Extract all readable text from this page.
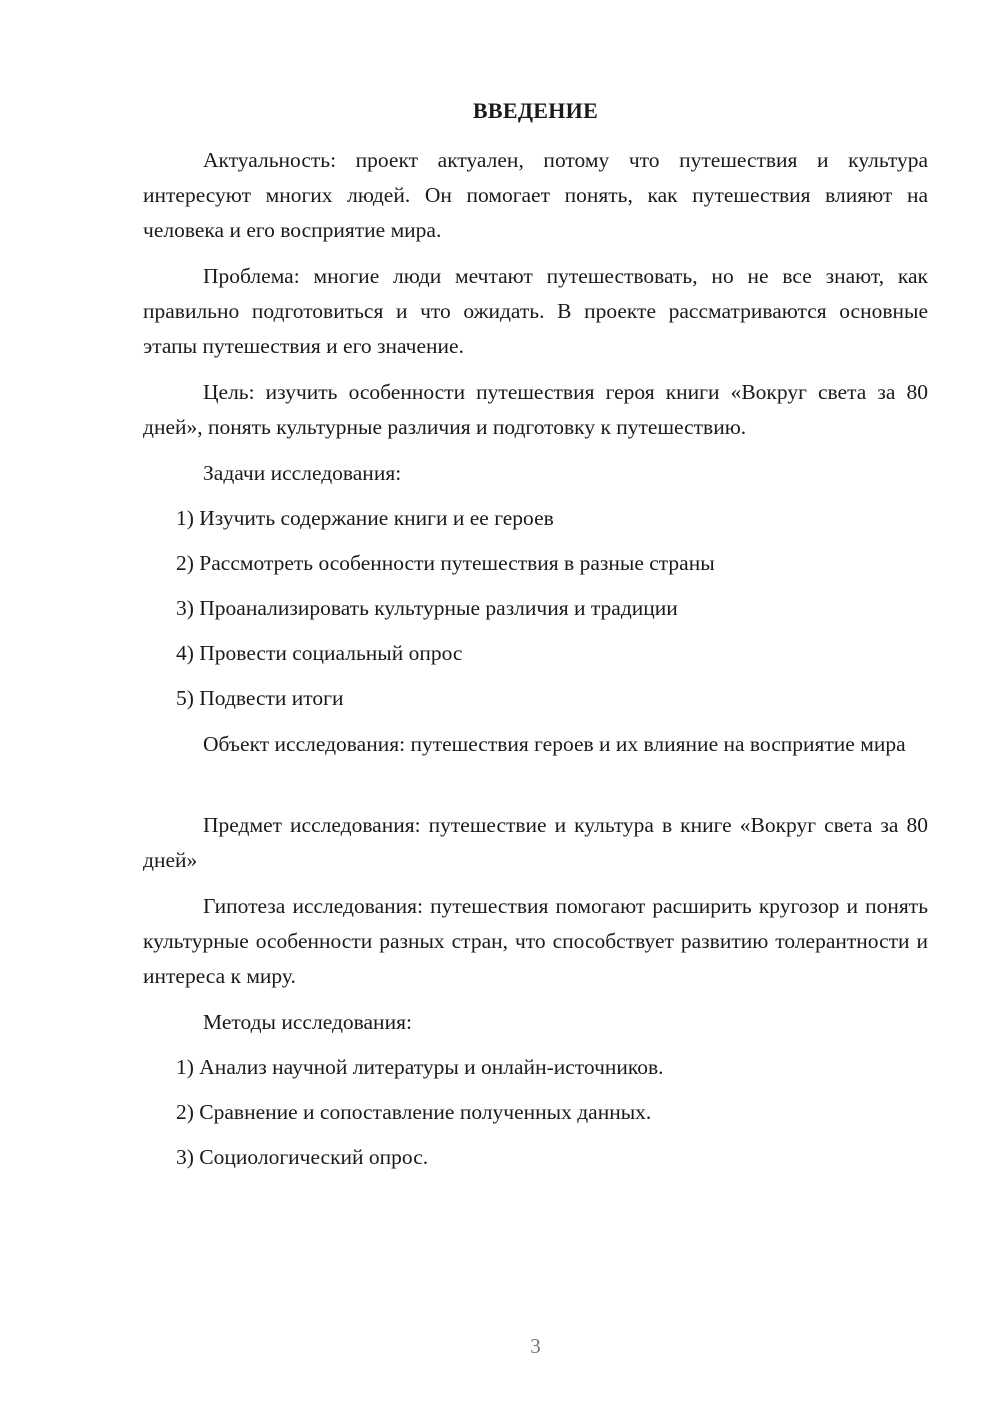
ВВЕДЕНИЕ

Актуальность: проект актуален, потому что путешествия и культура интересуют многих людей. Он помогает понять, как путешествия влияют на человека и его восприятие мира.

Проблема: многие люди мечтают путешествовать, но не все знают, как правильно подготовиться и что ожидать. В проекте рассматриваются основные этапы путешествия и его значение.

Цель: изучить особенности путешествия героя книги «Вокруг света за 80 дней», понять культурные различия и подготовку к путешествию.

Задачи исследования:

1) Изучить содержание книги и ее героев

2) Рассмотреть особенности путешествия в разные страны

3) Проанализировать культурные различия и традиции

4) Провести социальный опрос

5) Подвести итоги

Объект исследования: путешествия героев и их влияние на восприятие мира

Предмет исследования: путешествие и культура в книге «Вокруг света за 80 дней»

Гипотеза исследования: путешествия помогают расширить кругозор и понять культурные особенности разных стран, что способствует развитию толерантности и интереса к миру.

Методы исследования:

1) Анализ научной литературы и онлайн-источников.

2) Сравнение и сопоставление полученных данных.

3) Социологический опрос.

3
